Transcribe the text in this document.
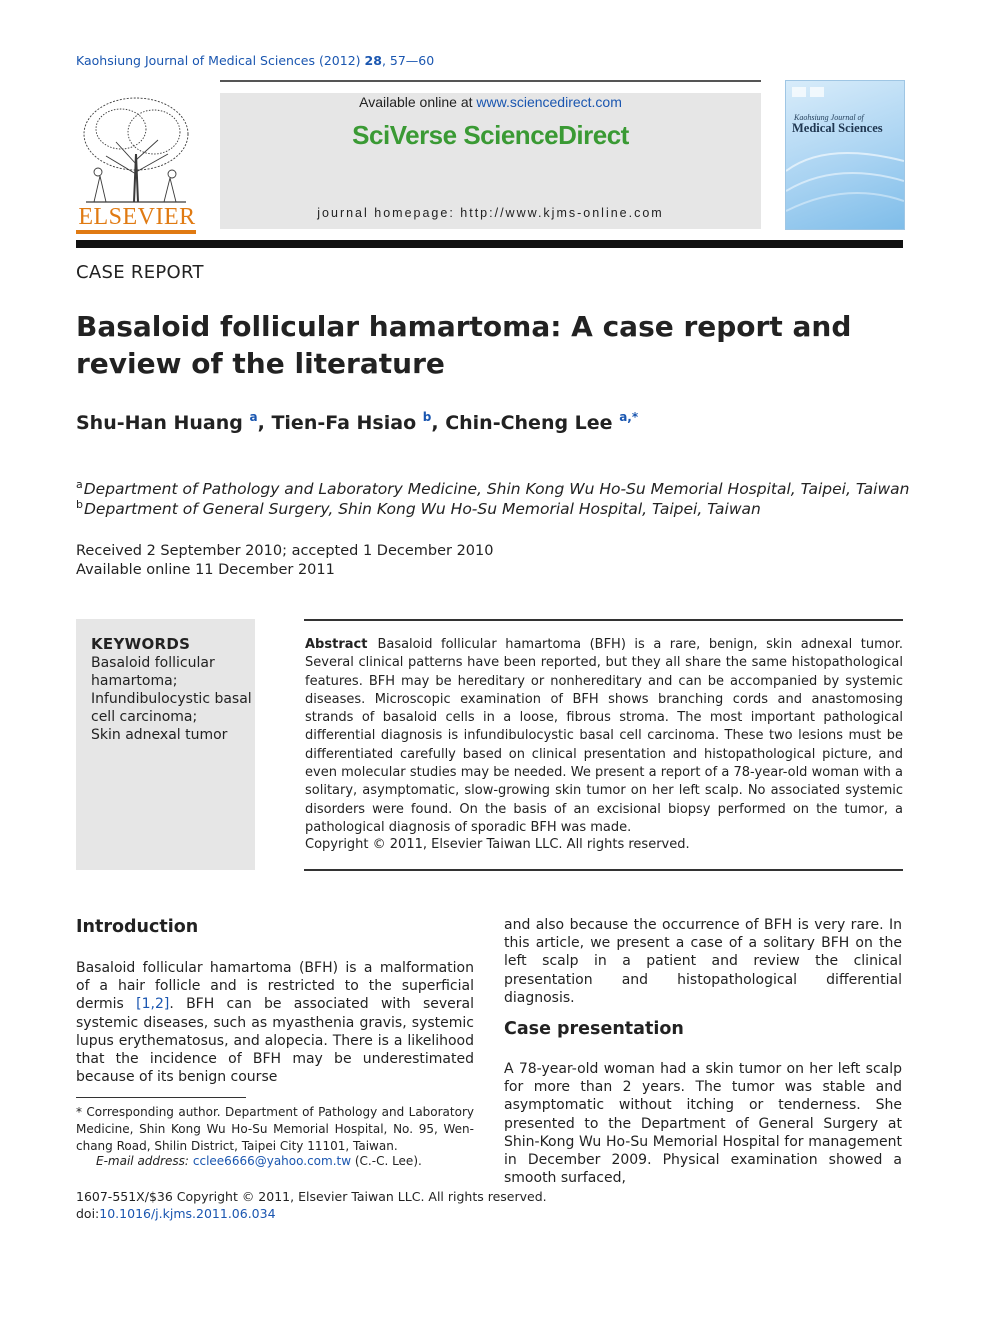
Kaohsiung Journal of Medical Sciences (2012) 28, 57—60
ELSEVIER
Available online at www.sciencedirect.com
SciVerse ScienceDirect
journal homepage: http://www.kjms-online.com
Kaohsiung Journal of
Medical Sciences
CASE REPORT
Basaloid follicular hamartoma: A case report and review of the literature
Shu-Han Huang $^a$, Tien-Fa Hsiao $^b$, Chin-Cheng Lee $^{a,*}$
$^a$Department of Pathology and Laboratory Medicine, Shin Kong Wu Ho-Su Memorial Hospital, Taipei, Taiwan
$^b$Department of General Surgery, Shin Kong Wu Ho-Su Memorial Hospital, Taipei, Taiwan
Received 2 September 2010; accepted 1 December 2010
Available online 11 December 2011
KEYWORDS
Basaloid follicular
hamartoma;
Infundibulocystic basal
cell carcinoma;
Skin adnexal tumor
Abstract Basaloid follicular hamartoma (BFH) is a rare, benign, skin adnexal tumor. Several clinical patterns have been reported, but they all share the same histopathological features. BFH may be hereditary or nonhereditary and can be accompanied by systemic diseases. Microscopic examination of BFH shows branching cords and anastomosing strands of basaloid cells in a loose, fibrous stroma. The most important pathological differential diagnosis is infundibulocystic basal cell carcinoma. These two lesions must be differentiated carefully based on clinical presentation and histopathological picture, and even molecular studies may be needed. We present a report of a 78-year-old woman with a solitary, asymptomatic, slow-growing skin tumor on her left scalp. No associated systemic disorders were found. On the basis of an excisional biopsy performed on the tumor, a pathological diagnosis of sporadic BFH was made.
Copyright © 2011, Elsevier Taiwan LLC. All rights reserved.
Introduction
Basaloid follicular hamartoma (BFH) is a malformation of a hair follicle and is restricted to the superficial dermis [1,2]. BFH can be associated with several systemic diseases, such as myasthenia gravis, systemic lupus erythematosus, and alopecia. There is a likelihood that the incidence of BFH may be underestimated because of its benign course
* Corresponding author. Department of Pathology and Laboratory Medicine, Shin Kong Wu Ho-Su Memorial Hospital, No. 95, Wen-chang Road, Shilin District, Taipei City 11101, Taiwan.
E-mail address: cclee6666@yahoo.com.tw (C.-C. Lee).
and also because the occurrence of BFH is very rare. In this article, we present a case of a solitary BFH on the left scalp in a patient and review the clinical presentation and histopathological differential diagnosis.
Case presentation
A 78-year-old woman had a skin tumor on her left scalp for more than 2 years. The tumor was stable and asymptomatic without itching or tenderness. She presented to the Department of General Surgery at Shin-Kong Wu Ho-Su Memorial Hospital for management in December 2009. Physical examination showed a smooth surfaced,
1607-551X/$36 Copyright © 2011, Elsevier Taiwan LLC. All rights reserved.
doi:10.1016/j.kjms.2011.06.034
